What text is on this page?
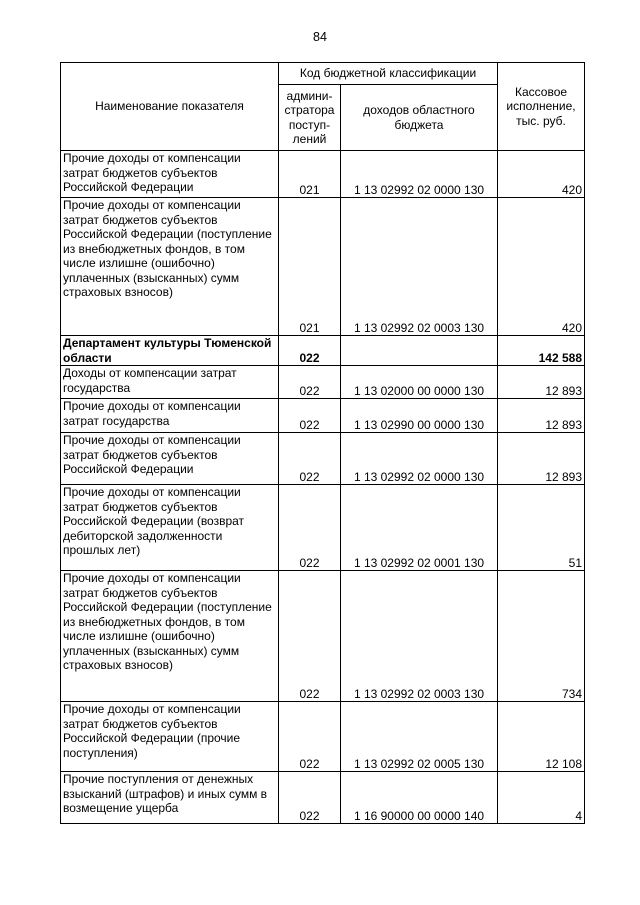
84
Наименование показателя	Код бюджетной классификации		Кассовое исполнение, тыс. руб.
	админи-стратора поступ-лений	доходов областного бюджета	
Прочие доходы от компенсации затрат бюджетов субъектов Российской Федерации	021	1 13 02992 02 0000 130	420
Прочие доходы от компенсации затрат бюджетов субъектов Российской Федерации (поступление из внебюджетных фондов, в том числе излишне (ошибочно) уплаченных (взысканных) сумм страховых взносов)	021	1 13 02992 02 0003 130	420
Департамент культуры Тюменской области	022		142 588
Доходы от компенсации затрат государства	022	1 13 02000 00 0000 130	12 893
Прочие доходы от компенсации затрат государства	022	1 13 02990 00 0000 130	12 893
Прочие доходы от компенсации затрат бюджетов субъектов Российской Федерации	022	1 13 02992 02 0000 130	12 893
Прочие доходы от компенсации затрат бюджетов субъектов Российской Федерации (возврат дебиторской задолженности прошлых лет)	022	1 13 02992 02 0001 130	51
Прочие доходы от компенсации затрат бюджетов субъектов Российской Федерации (поступление из внебюджетных фондов, в том числе излишне (ошибочно) уплаченных (взысканных) сумм страховых взносов)	022	1 13 02992 02 0003 130	734
Прочие доходы от компенсации затрат бюджетов субъектов Российской Федерации (прочие поступления)	022	1 13 02992 02 0005 130	12 108
Прочие поступления от денежных взысканий (штрафов) и иных сумм в возмещение ущерба	022	1 16 90000 00 0000 140	4
